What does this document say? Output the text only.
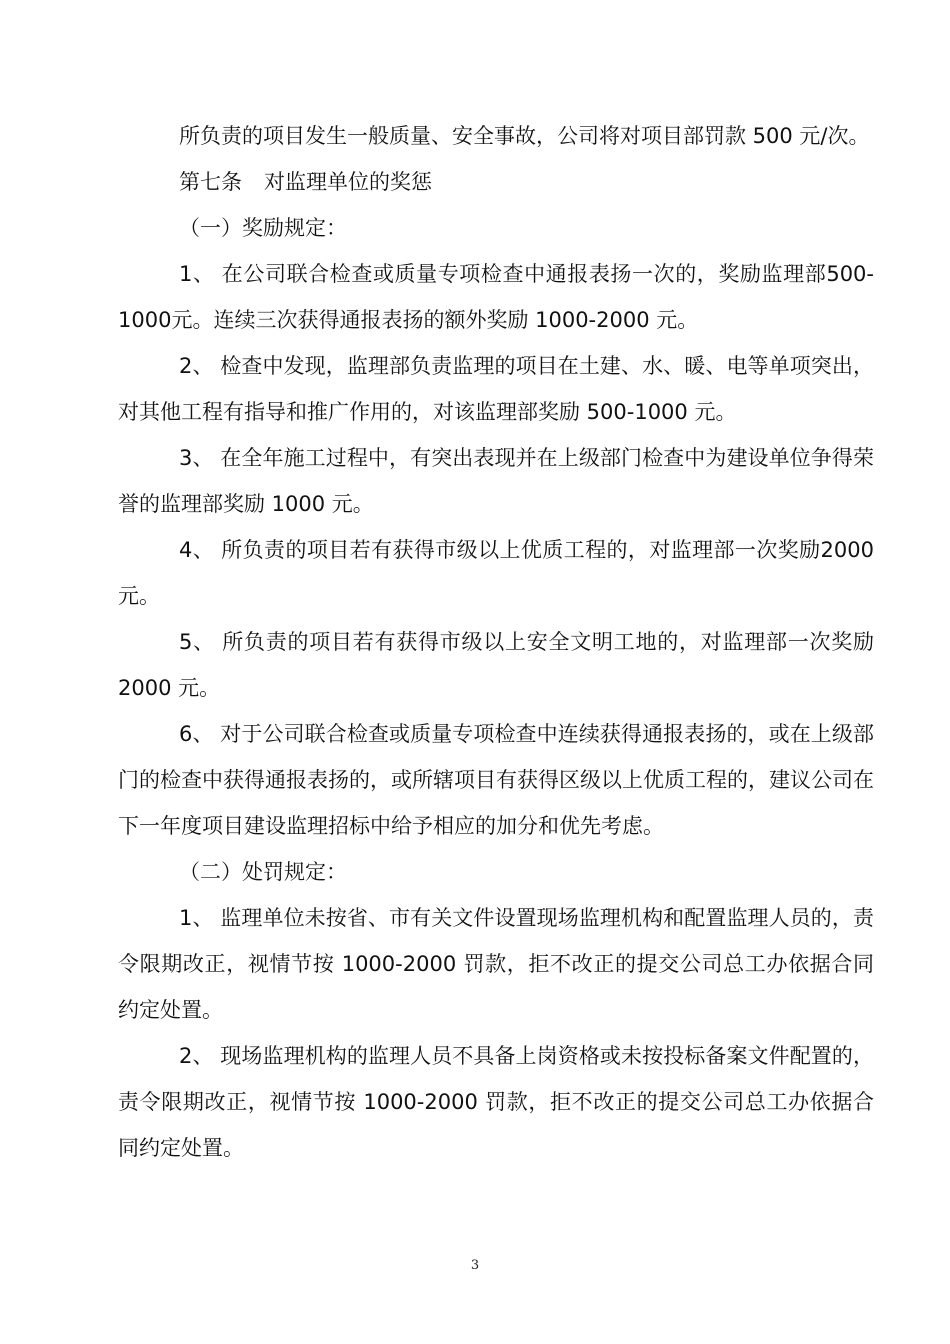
所负责的项目发生一般质量、安全事故，公司将对项目部罚款 500 元/次。

第七条 对监理单位的奖惩

（一）奖励规定：

1、 在公司联合检查或质量专项检查中通报表扬一次的，奖励监理部500-1000元。连续三次获得通报表扬的额外奖励 1000-2000 元。

2、 检查中发现，监理部负责监理的项目在土建、水、暖、电等单项突出，对其他工程有指导和推广作用的，对该监理部奖励 500-1000 元。

3、 在全年施工过程中，有突出表现并在上级部门检查中为建设单位争得荣誉的监理部奖励 1000 元。

4、 所负责的项目若有获得市级以上优质工程的，对监理部一次奖励2000元。

5、 所负责的项目若有获得市级以上安全文明工地的，对监理部一次奖励 2000 元。

6、 对于公司联合检查或质量专项检查中连续获得通报表扬的，或在上级部门的检查中获得通报表扬的，或所辖项目有获得区级以上优质工程的，建议公司在下一年度项目建设监理招标中给予相应的加分和优先考虑。

（二）处罚规定：

1、 监理单位未按省、市有关文件设置现场监理机构和配置监理人员的，责令限期改正，视情节按 1000-2000 罚款，拒不改正的提交公司总工办依据合同约定处置。

2、 现场监理机构的监理人员不具备上岗资格或未按投标备案文件配置的，责令限期改正，视情节按 1000-2000 罚款，拒不改正的提交公司总工办依据合同约定处置。

3
